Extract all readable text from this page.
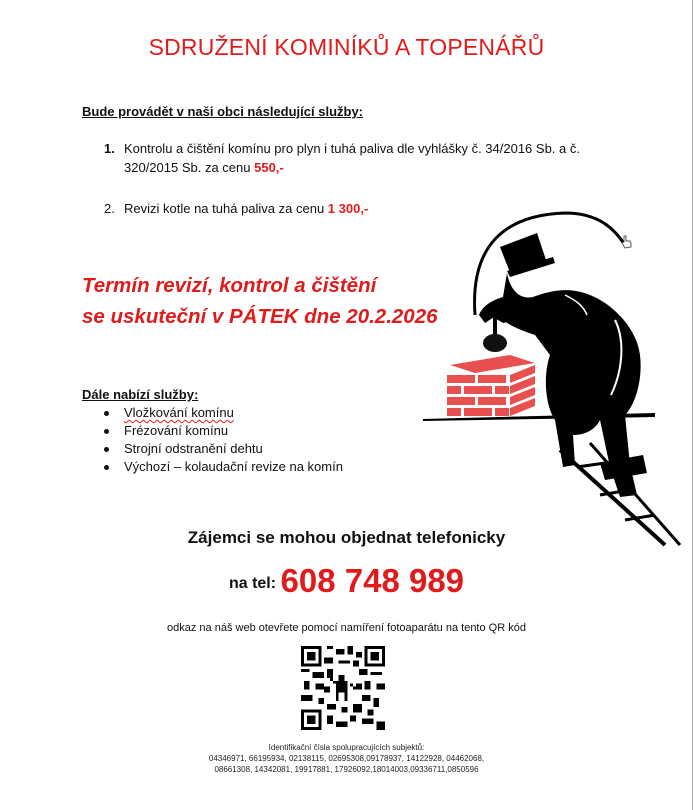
SDRUŽENÍ KOMINÍKŮ A TOPENÁŘŮ
Bude provádět v naši obci následující služby:
1. Kontrolu a čištění komínu pro plyn i tuhá paliva dle vyhlášky č. 34/2016 Sb. a č. 320/2015 Sb. za cenu 550,-
2. Revizi kotle na tuhá paliva za cenu 1 300,-
Termín revizí, kontrol a čištění
se uskuteční v PÁTEK dne 20.2.2026
Dále nabízí služby:
Vložkování komínu
Frézování komínu
Strojní odstranění dehtu
Výchozí – kolaudační revize na komín
Zájemci se mohou objednat telefonicky
na tel: 608 748 989
odkaz na náš web otevřete pomocí namíření fotoaparátu na tento QR kód
Identifikační čísla spolupracujících subjektů:
04346971, 66195934, 02138115, 02695308,09178937, 14122928, 04462068,
08661308, 14342081, 19917881, 17926092,18014003,09336711,0850596
